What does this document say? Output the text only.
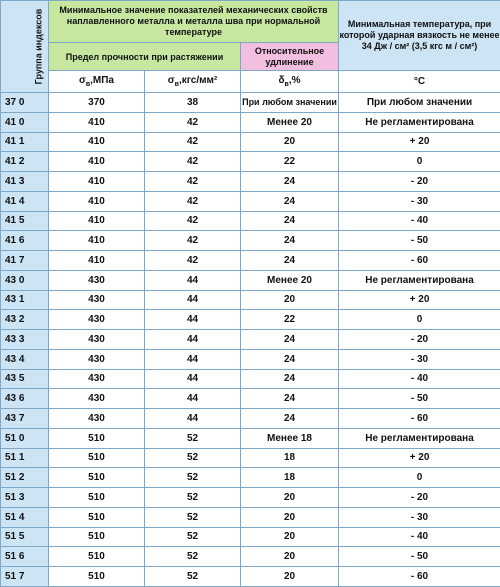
Группа индексов	Минимальное значение показателей механических свойств наплавленного металла и металла шва при нормальной температуре			Минимальная температура, при которой ударная вязкость не менее 34 Дж / см² (3,5 кгс м / см²)
	Предел прочности при растяжении		Относительное удлинение	
	$\sigma_в,МПа$	$\sigma_в,кгс$/мм²	$\delta_в,\%$	°C
37 0	370	38	При любом значении	При любом значении
41 0	410	42	Менее 20	Не регламентирована
41 1	410	42	20	+ 20
41 2	410	42	22	0
41 3	410	42	24	- 20
41 4	410	42	24	- 30
41 5	410	42	24	- 40
41 6	410	42	24	- 50
41 7	410	42	24	- 60
43 0	430	44	Менее 20	Не регламентирована
43 1	430	44	20	+ 20
43 2	430	44	22	0
43 3	430	44	24	- 20
43 4	430	44	24	- 30
43 5	430	44	24	- 40
43 6	430	44	24	- 50
43 7	430	44	24	- 60
51 0	510	52	Менее 18	Не регламентирована
51 1	510	52	18	+ 20
51 2	510	52	18	0
51 3	510	52	20	- 20
51 4	510	52	20	- 30
51 5	510	52	20	- 40
51 6	510	52	20	- 50
51 7	510	52	20	- 60
